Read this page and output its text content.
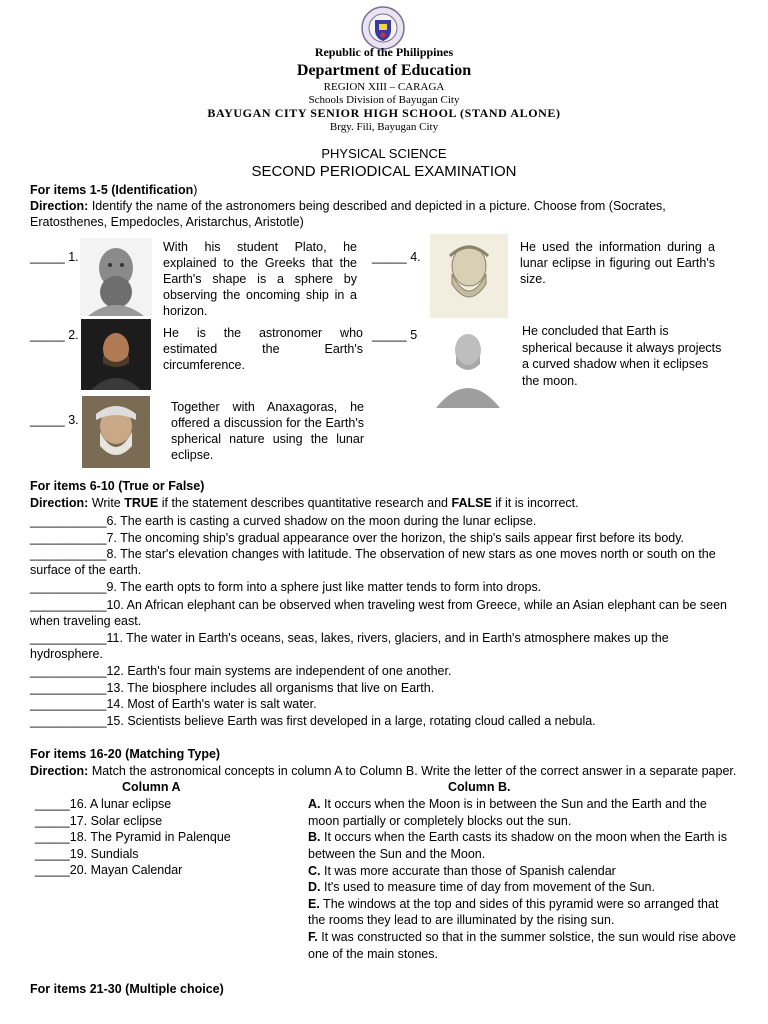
Republic of the Philippines
Department of Education
REGION XIII – CARAGA
Schools Division of Bayugan City
BAYUGAN CITY SENIOR HIGH SCHOOL (STAND ALONE)
Brgy. Fili, Bayugan City
PHYSICAL SCIENCE
SECOND PERIODICAL EXAMINATION
For items 1-5 (Identification)
Direction: Identify the name of the astronomers being described and depicted in a picture. Choose from (Socrates,
Eratosthenes, Empedocles, Aristarchus, Aristotle)
_____ 1.
With his student Plato, he explained to the Greeks that the Earth's shape is a sphere by observing the oncoming ship in a horizon.
_____ 2.	He is the astronomer who estimated the Earth's circumference.
_____ 3.
Together with Anaxagoras, he offered a discussion for the Earth's spherical nature using the lunar eclipse.
_____ 4.
He used the information during a lunar eclipse in figuring out Earth's size.
_____ 5	He concluded that Earth is spherical because it always projects a curved shadow when it eclipses the moon.
For items 6-10 (True or False)
Direction: Write TRUE if the statement describes quantitative research and FALSE if it is incorrect.
___________6. The earth is casting a curved shadow on the moon during the lunar eclipse.
___________7. The oncoming ship's gradual appearance over the horizon, the ship's sails appear first before its body.
___________8. The star's elevation changes with latitude. The observation of new stars as one moves north or south on the
surface of the earth.
___________9. The earth opts to form into a sphere just like matter tends to form into drops.
___________10. An African elephant can be observed when traveling west from Greece, while an Asian elephant can be seen
when traveling east.
___________11. The water in Earth's oceans, seas, lakes, rivers, glaciers, and in Earth's atmosphere makes up the
hydrosphere.
___________12. Earth's four main systems are independent of one another.
___________13. The biosphere includes all organisms that live on Earth.
___________14. Most of Earth's water is salt water.
___________15. Scientists believe Earth was first developed in a large, rotating cloud called a nebula.
For items 16-20 (Matching Type)
Direction: Match the astronomical concepts in column A to Column B. Write the letter of the correct answer in a separate paper.
Column A	Column B.
_____16. A lunar eclipse
_____17. Solar eclipse
_____18. The Pyramid in Palenque
_____19. Sundials
_____20. Mayan Calendar
A. It occurs when the Moon is in between the Sun and the Earth and the
moon partially or completely blocks out the sun.
B. It occurs when the Earth casts its shadow on the moon when the Earth is
between the Sun and the Moon.
C. It was more accurate than those of Spanish calendar
D. It's used to measure time of day from movement of the Sun.
E. The windows at the top and sides of this pyramid were so arranged that
the rooms they lead to are illuminated by the rising sun.
F. It was constructed so that in the summer solstice, the sun would rise above
one of the main stones.
For items 21-30 (Multiple choice)
